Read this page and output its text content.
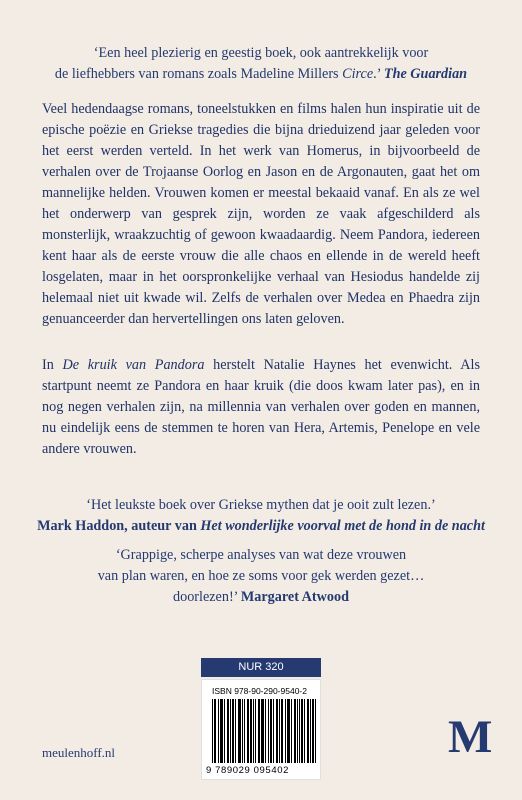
‘Een heel plezierig en geestig boek, ook aantrekkelijk voor
de liefhebbers van romans zoals Madeline Millers Circe.’ The Guardian
Veel hedendaagse romans, toneelstukken en films halen hun inspiratie uit de epische poëzie en Griekse tragedies die bijna drieduizend jaar geleden voor het eerst werden verteld. In het werk van Homerus, in bijvoorbeeld de verhalen over de Trojaanse Oorlog en Jason en de Argonauten, gaat het om mannelijke helden. Vrouwen komen er meestal bekaaid vanaf. En als ze wel het onderwerp van gesprek zijn, worden ze vaak afgeschilderd als monsterlijk, wraakzuchtig of gewoon kwaadaardig. Neem Pandora, iedereen kent haar als de eerste vrouw die alle chaos en ellende in de wereld heeft losgelaten, maar in het oorspronkelijke verhaal van Hesiodus handelde zij helemaal niet uit kwade wil. Zelfs de verhalen over Medea en Phaedra zijn genuanceerder dan hervertellingen ons laten geloven.
In De kruik van Pandora herstelt Natalie Haynes het evenwicht. Als startpunt neemt ze Pandora en haar kruik (die doos kwam later pas), en in nog negen verhalen zijn, na millennia van verhalen over goden en mannen, nu eindelijk eens de stemmen te horen van Hera, Artemis, Penelope en vele andere vrouwen.
‘Het leukste boek over Griekse mythen dat je ooit zult lezen.’
Mark Haddon, auteur van Het wonderlijke voorval met de hond in de nacht
‘Grappige, scherpe analyses van wat deze vrouwen
van plan waren, en hoe ze soms voor gek werden gezet…
doorlezen!’ Margaret Atwood
NUR 320
ISBN 978-90-290-9540-2
9 789029 095402
meulenhoff.nl	M
